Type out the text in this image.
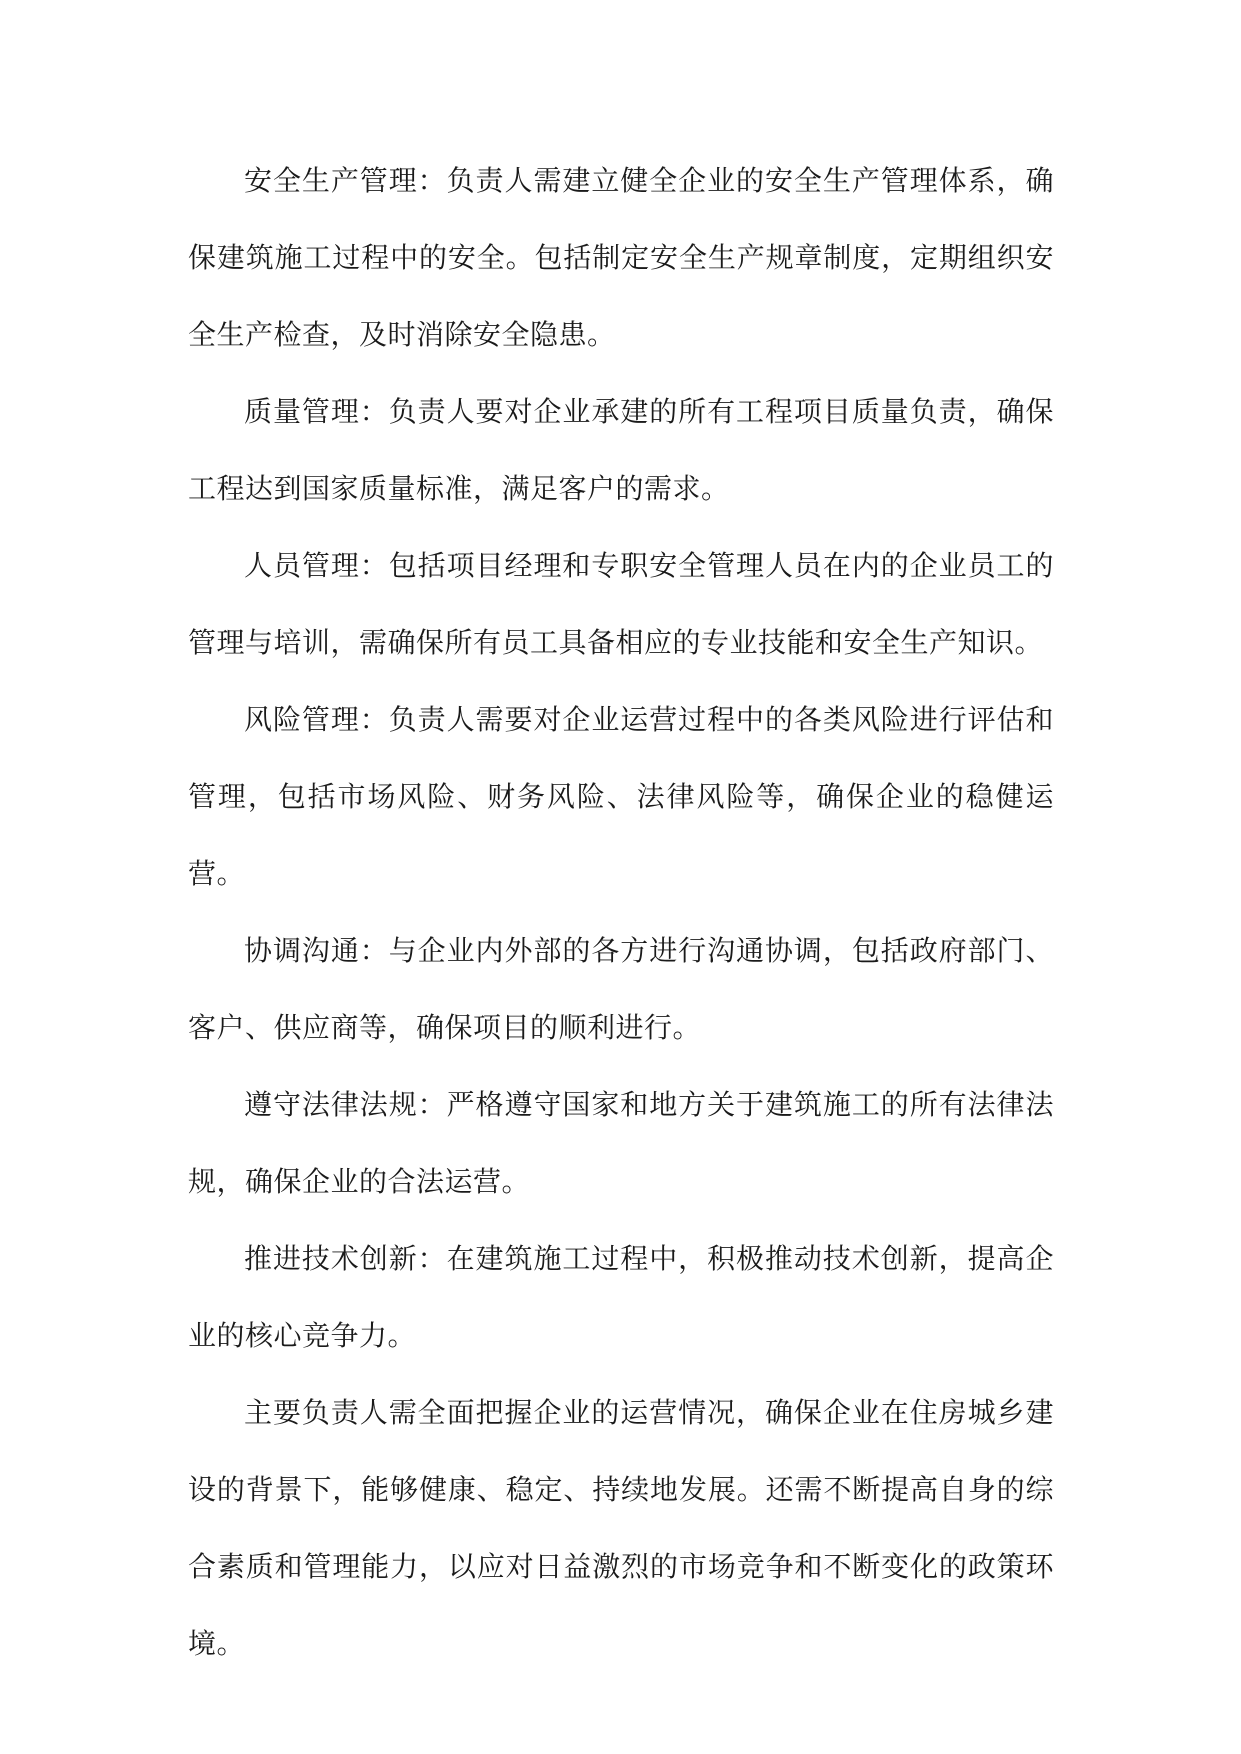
安全生产管理：负责人需建立健全企业的安全生产管理体系，确保建筑施工过程中的安全。包括制定安全生产规章制度，定期组织安全生产检查，及时消除安全隐患。

质量管理：负责人要对企业承建的所有工程项目质量负责，确保工程达到国家质量标准，满足客户的需求。

人员管理：包括项目经理和专职安全管理人员在内的企业员工的管理与培训，需确保所有员工具备相应的专业技能和安全生产知识。

风险管理：负责人需要对企业运营过程中的各类风险进行评估和管理，包括市场风险、财务风险、法律风险等，确保企业的稳健运营。

协调沟通：与企业内外部的各方进行沟通协调，包括政府部门、客户、供应商等，确保项目的顺利进行。

遵守法律法规：严格遵守国家和地方关于建筑施工的所有法律法规，确保企业的合法运营。

推进技术创新：在建筑施工过程中，积极推动技术创新，提高企业的核心竞争力。

主要负责人需全面把握企业的运营情况，确保企业在住房城乡建设的背景下，能够健康、稳定、持续地发展。还需不断提高自身的综合素质和管理能力，以应对日益激烈的市场竞争和不断变化的政策环境。
